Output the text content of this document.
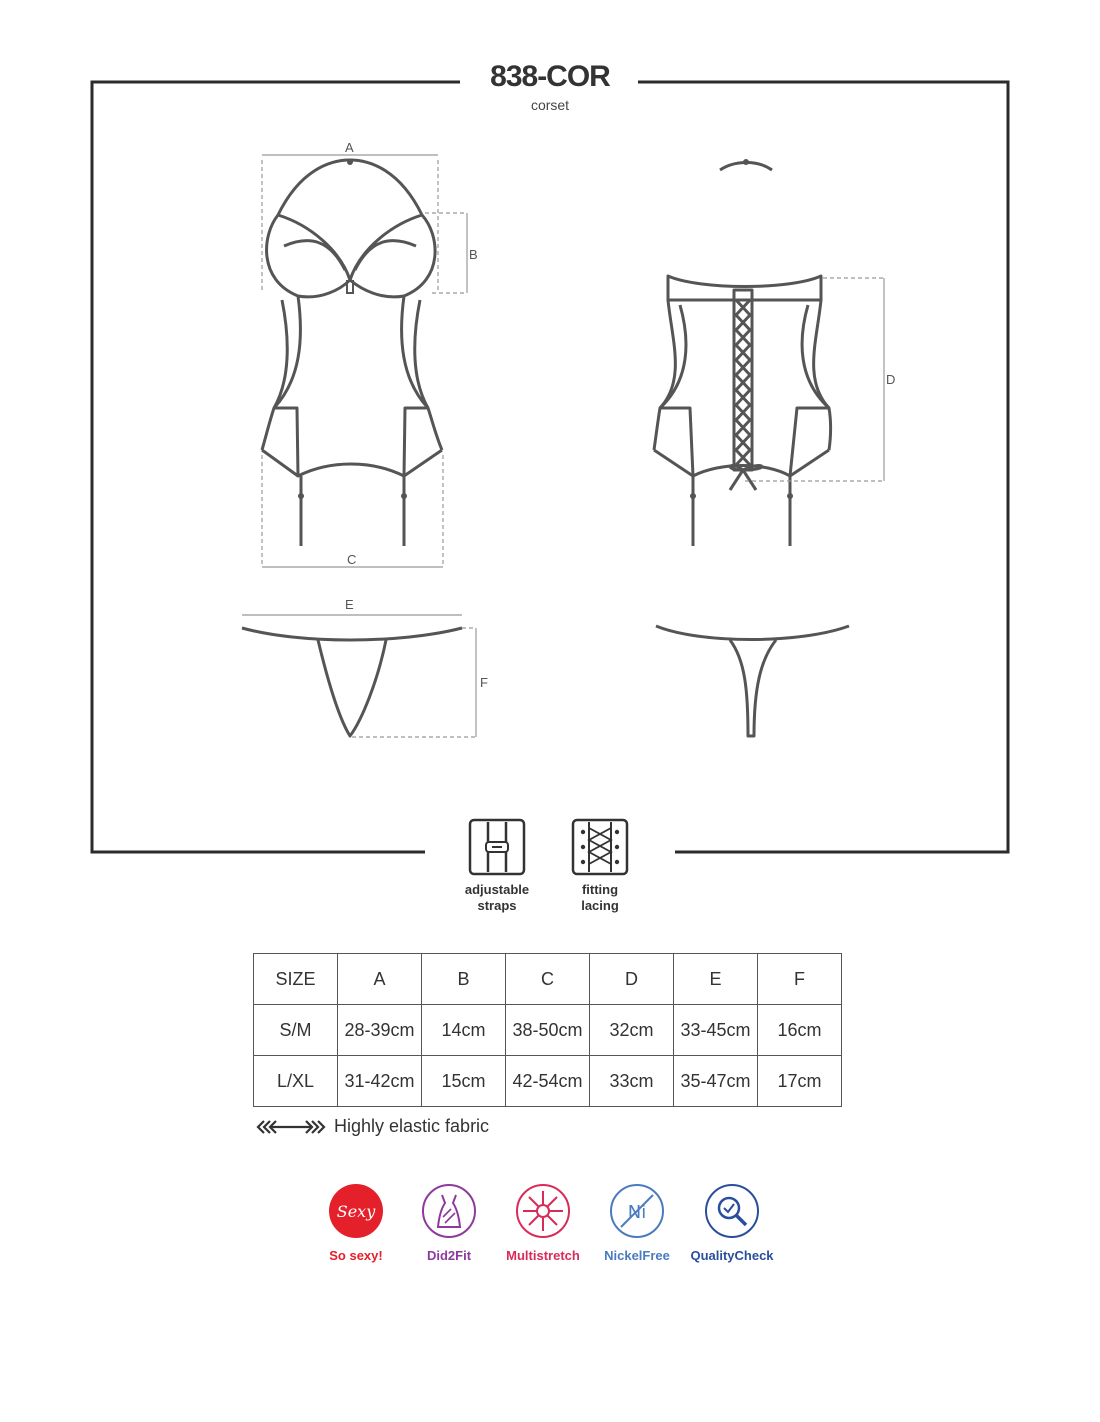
838-COR
corset
A
B
C
D
E
F
adjustable
straps
fitting
lacing
SIZE	A	B	C	D	E	F
S/M	28-39cm	14cm	38-50cm	32cm	33-45cm	16cm
L/XL	31-42cm	15cm	42-54cm	33cm	35-47cm	17cm
Highly elastic fabric
Sexy
So sexy!	Did2Fit	Multistretch
Ni
NickelFree	QualityCheck
